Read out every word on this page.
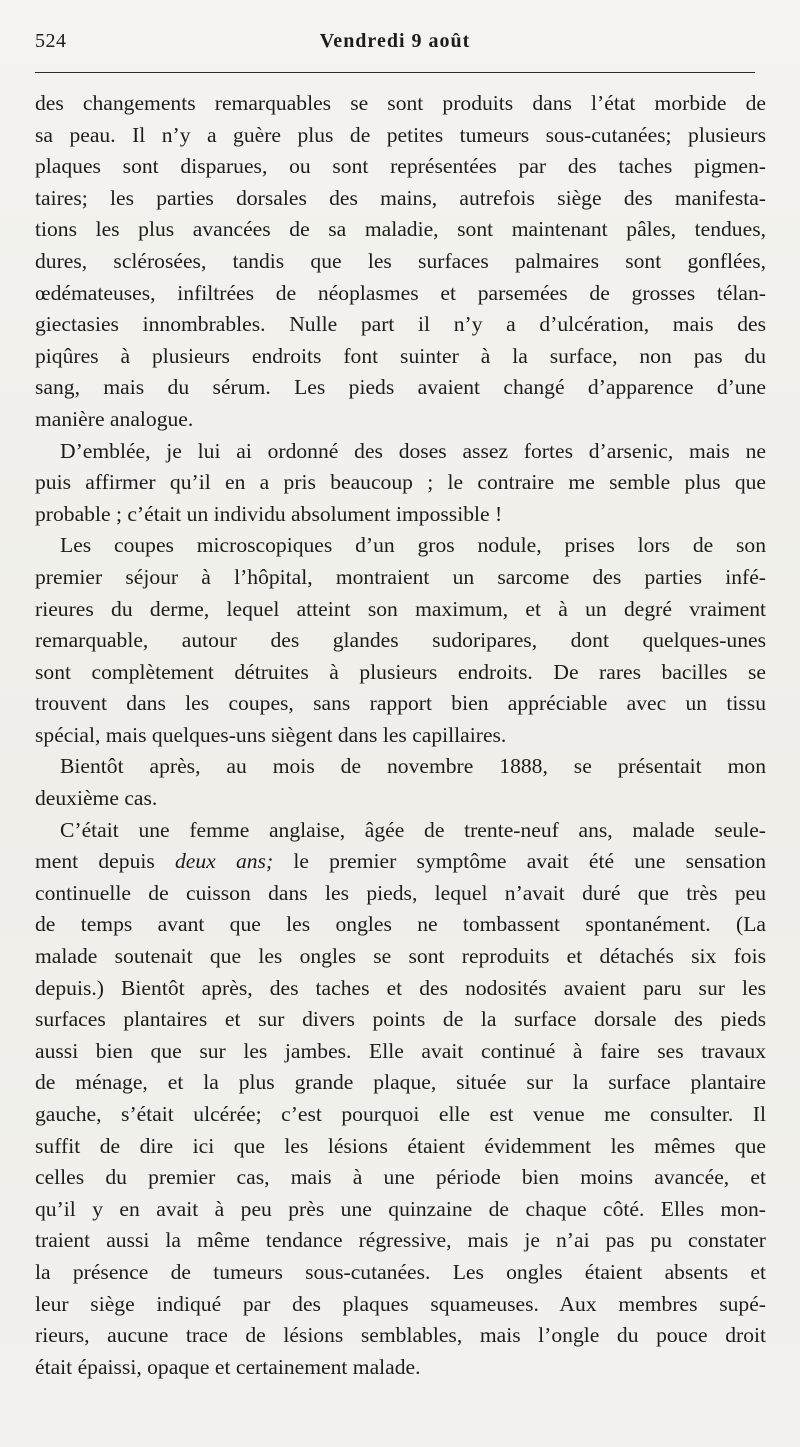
524	Vendredi 9 août
des changements remarquables se sont produits dans l’état morbide de
sa peau. Il n’y a guère plus de petites tumeurs sous-cutanées; plusieurs
plaques sont disparues, ou sont représentées par des taches pigmen-
taires; les parties dorsales des mains, autrefois siège des manifesta-
tions les plus avancées de sa maladie, sont maintenant pâles, tendues,
dures, sclérosées, tandis que les surfaces palmaires sont gonflées,
œdémateuses, infiltrées de néoplasmes et parsemées de grosses télan-
giectasies innombrables. Nulle part il n’y a d’ulcération, mais des
piqûres à plusieurs endroits font suinter à la surface, non pas du
sang, mais du sérum. Les pieds avaient changé d’apparence d’une
manière analogue.
D’emblée, je lui ai ordonné des doses assez fortes d’arsenic, mais ne
puis affirmer qu’il en a pris beaucoup ; le contraire me semble plus que
probable ; c’était un individu absolument impossible !
Les coupes microscopiques d’un gros nodule, prises lors de son
premier séjour à l’hôpital, montraient un sarcome des parties infé-
rieures du derme, lequel atteint son maximum, et à un degré vraiment
remarquable, autour des glandes sudoripares, dont quelques-unes
sont complètement détruites à plusieurs endroits. De rares bacilles se
trouvent dans les coupes, sans rapport bien appréciable avec un tissu
spécial, mais quelques-uns siègent dans les capillaires.
Bientôt après, au mois de novembre 1888, se présentait mon
deuxième cas.
C’était une femme anglaise, âgée de trente-neuf ans, malade seule-
ment depuis deux ans; le premier symptôme avait été une sensation
continuelle de cuisson dans les pieds, lequel n’avait duré que très peu
de temps avant que les ongles ne tombassent spontanément. (La
malade soutenait que les ongles se sont reproduits et détachés six fois
depuis.) Bientôt après, des taches et des nodosités avaient paru sur les
surfaces plantaires et sur divers points de la surface dorsale des pieds
aussi bien que sur les jambes. Elle avait continué à faire ses travaux
de ménage, et la plus grande plaque, située sur la surface plantaire
gauche, s’était ulcérée; c’est pourquoi elle est venue me consulter. Il
suffit de dire ici que les lésions étaient évidemment les mêmes que
celles du premier cas, mais à une période bien moins avancée, et
qu’il y en avait à peu près une quinzaine de chaque côté. Elles mon-
traient aussi la même tendance régressive, mais je n’ai pas pu constater
la présence de tumeurs sous-cutanées. Les ongles étaient absents et
leur siège indiqué par des plaques squameuses. Aux membres supé-
rieurs, aucune trace de lésions semblables, mais l’ongle du pouce droit
était épaissi, opaque et certainement malade.
